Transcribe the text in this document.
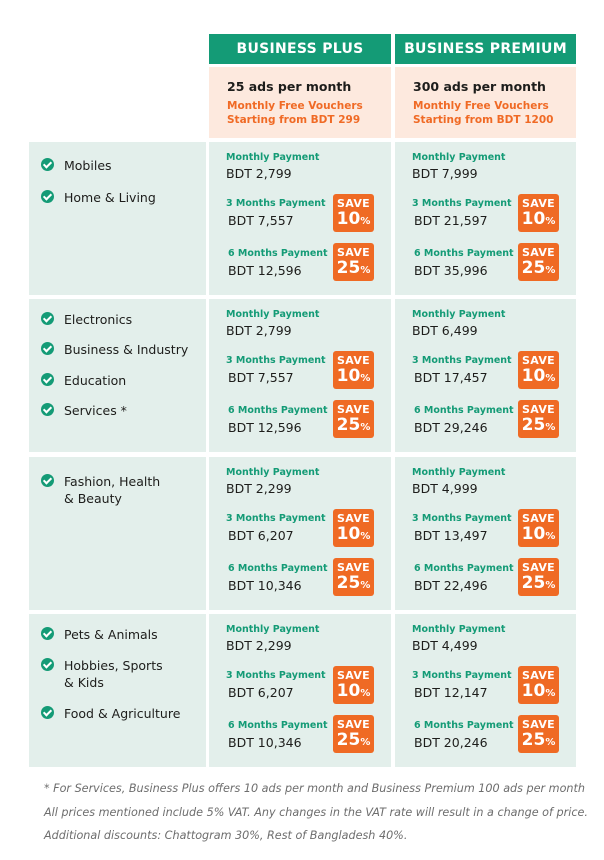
BUSINESS PLUS	BUSINESS PREMIUM
25 ads per month
Monthly Free Vouchers
Starting from BDT 299
300 ads per month
Monthly Free Vouchers
Starting from BDT 1200
Mobiles
Home & Living
Monthly Payment
BDT 2,799
3 Months Payment
BDT 7,557
6 Months Payment
BDT 12,596
SAVE
10%
SAVE
25%
Monthly Payment
BDT 7,999
3 Months Payment
BDT 21,597
6 Months Payment
BDT 35,996
SAVE
10%
SAVE
25%
Electronics
Business & Industry
Education
Services *
Monthly Payment
BDT 2,799
3 Months Payment
BDT 7,557
6 Months Payment
BDT 12,596
SAVE
10%
SAVE
25%
Monthly Payment
BDT 6,499
3 Months Payment
BDT 17,457
6 Months Payment
BDT 29,246
SAVE
10%
SAVE
25%
Fashion, Health
& Beauty
Monthly Payment
BDT 2,299
3 Months Payment
BDT 6,207
6 Months Payment
BDT 10,346
SAVE
10%
SAVE
25%
Monthly Payment
BDT 4,999
3 Months Payment
BDT 13,497
6 Months Payment
BDT 22,496
SAVE
10%
SAVE
25%
Pets & Animals
Hobbies, Sports
& Kids
Food & Agriculture
Monthly Payment
BDT 2,299
3 Months Payment
BDT 6,207
6 Months Payment
BDT 10,346
SAVE
10%
SAVE
25%
Monthly Payment
BDT 4,499
3 Months Payment
BDT 12,147
6 Months Payment
BDT 20,246
SAVE
10%
SAVE
25%
* For Services, Business Plus offers 10 ads per month and Business Premium 100 ads per month
All prices mentioned include 5% VAT. Any changes in the VAT rate will result in a change of price.
Additional discounts: Chattogram 30%, Rest of Bangladesh 40%.
